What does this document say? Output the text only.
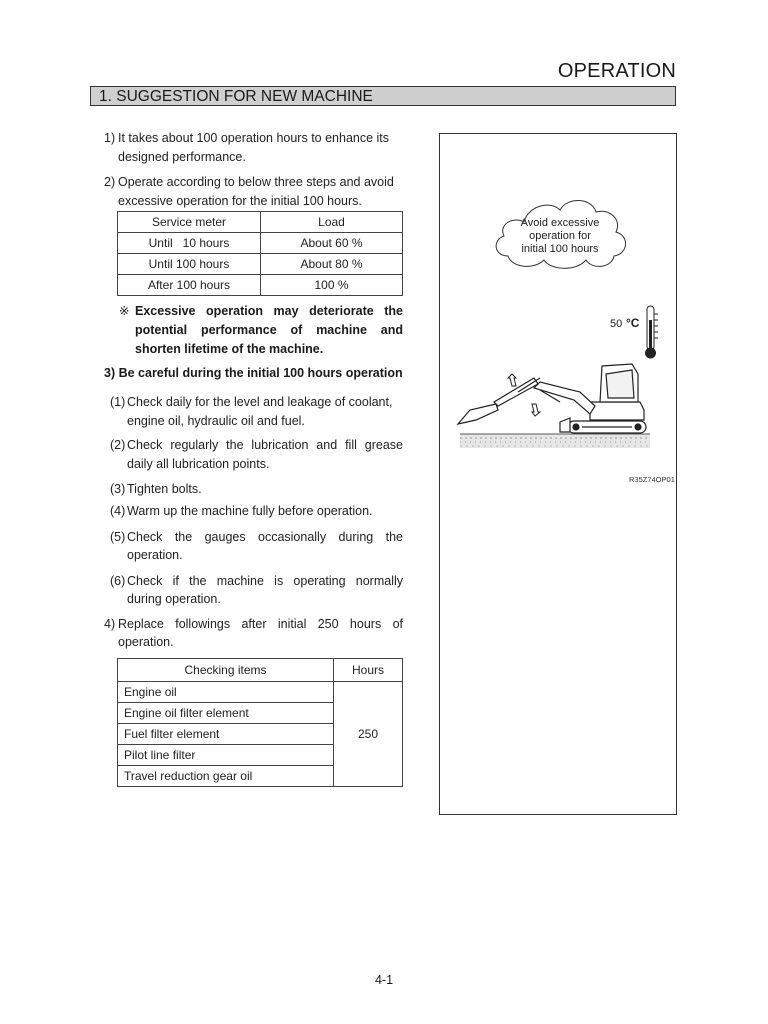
OPERATION
1. SUGGESTION FOR NEW MACHINE
1) It takes about 100 operation hours to enhance its
designed performance.
2) Operate according to below three steps and avoid
excessive operation for the initial 100 hours.
Service meter	Load
Until   10 hours	About 60 %
Until 100 hours	About 80 %
After 100 hours	100 %
※ Excessive operation may deteriorate the
potential performance of machine and
shorten lifetime of the machine.
3) Be careful during the initial 100 hours operation
(1) Check daily for the level and leakage of coolant,
engine oil, hydraulic oil and fuel.
(2) Check regularly the lubrication and fill grease
daily all lubrication points.
(3) Tighten bolts.
(4) Warm up the machine fully before operation.
(5) Check the gauges occasionally during the
operation.
(6) Check if the machine is operating normally
during operation.
4) Replace followings after initial 250 hours of
operation.
Checking items	Hours
Engine oil	250
Engine oil filter element	
Fuel filter element	
Pilot line filter	
Travel reduction gear oil	
Avoid excessive
operation for
initial 100 hours
50 °C
R35Z74OP01
4-1
